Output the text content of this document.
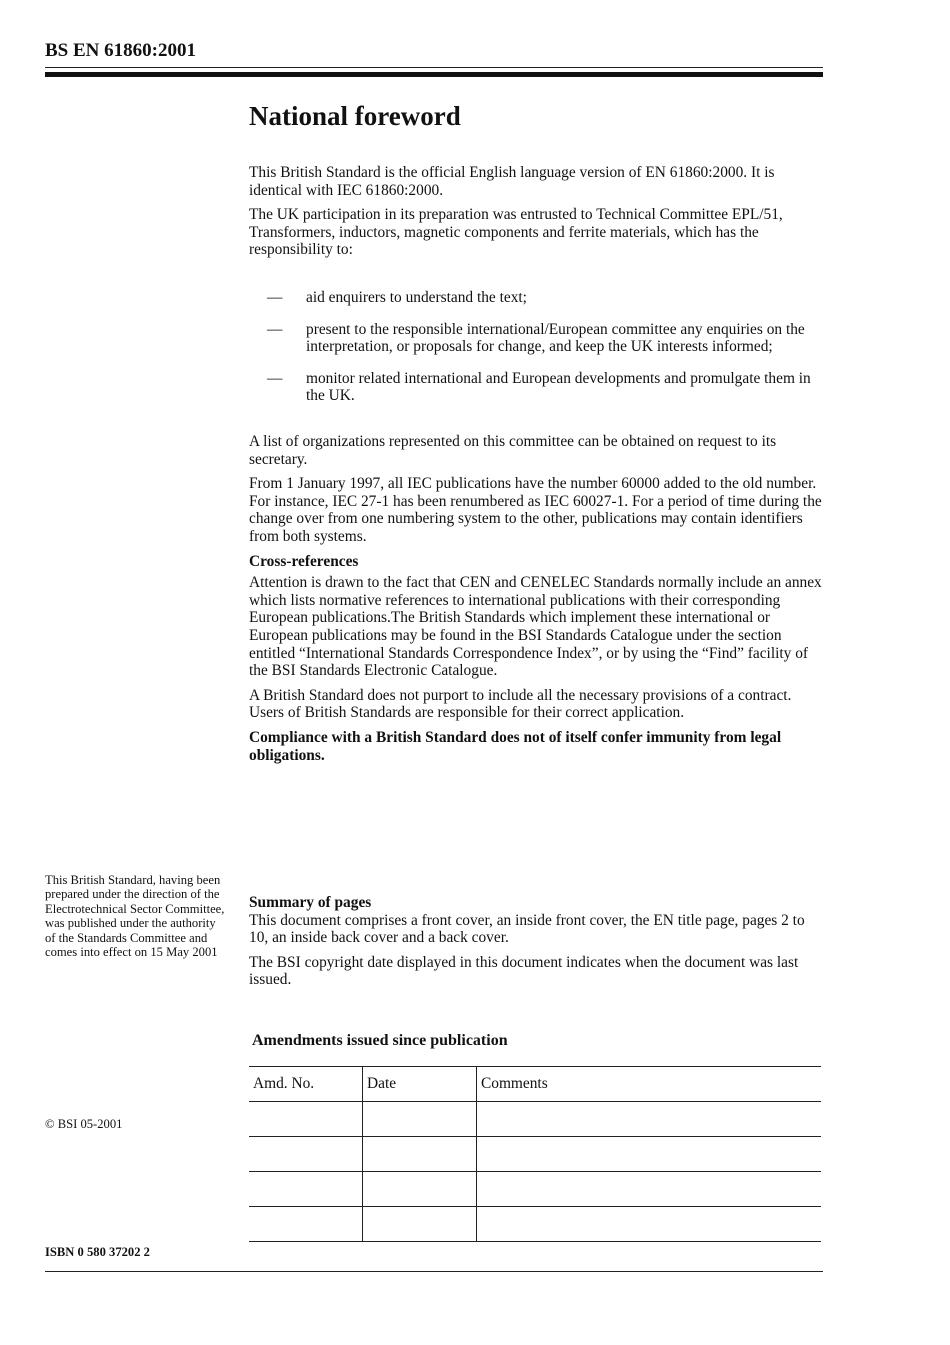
BS EN 61860:2001
National foreword

This British Standard is the official English language version of EN 61860:2000. It is identical with IEC 61860:2000.

The UK participation in its preparation was entrusted to Technical Committee EPL/51, Transformers, inductors, magnetic components and ferrite materials, which has the responsibility to:

— aid enquirers to understand the text;
— present to the responsible international/European committee any enquiries on the interpretation, or proposals for change, and keep the UK interests informed;
— monitor related international and European developments and promulgate them in the UK.

A list of organizations represented on this committee can be obtained on request to its secretary.

From 1 January 1997, all IEC publications have the number 60000 added to the old number. For instance, IEC 27-1 has been renumbered as IEC 60027-1. For a period of time during the change over from one numbering system to the other, publications may contain identifiers from both systems.

Cross-references

Attention is drawn to the fact that CEN and CENELEC Standards normally include an annex which lists normative references to international publications with their corresponding European publications.The British Standards which implement these international or European publications may be found in the BSI Standards Catalogue under the section entitled “International Standards Correspondence Index”, or by using the “Find” facility of the BSI Standards Electronic Catalogue.

A British Standard does not purport to include all the necessary provisions of a contract. Users of British Standards are responsible for their correct application.

Compliance with a British Standard does not of itself confer immunity from legal obligations.

This British Standard, having been prepared under the direction of the Electrotechnical Sector Committee, was published under the authority of the Standards Committee and comes into effect on 15 May 2001

Summary of pages

This document comprises a front cover, an inside front cover, the EN title page, pages 2 to 10, an inside back cover and a back cover.

The BSI copyright date displayed in this document indicates when the document was last issued.

Amendments issued since publication
Amd. No.	Date	Comments

© BSI 05-2001
ISBN 0 580 37202 2
